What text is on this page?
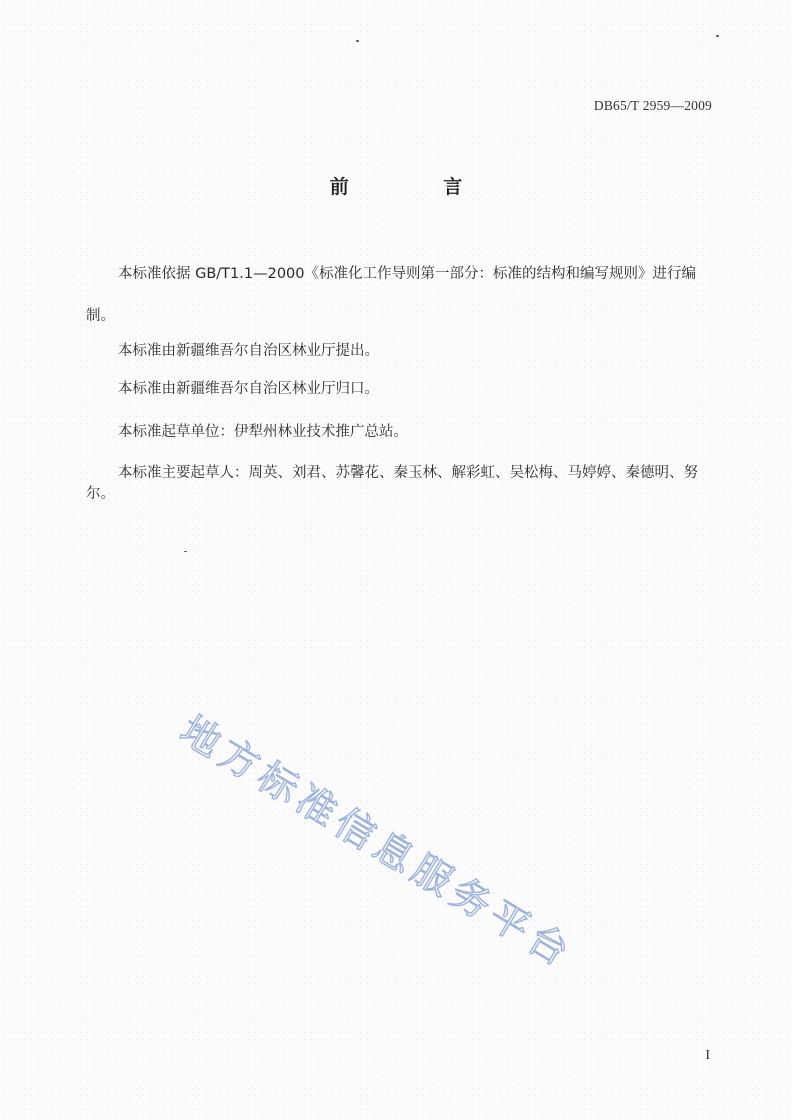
DB65/T 2959—2009
前 言

本标准依据 GB/T1.1—2000《标准化工作导则第一部分：标准的结构和编写规则》进行编制。

本标准由新疆维吾尔自治区林业厅提出。

本标准由新疆维吾尔自治区林业厅归口。

本标准起草单位：伊犁州林业技术推广总站。

本标准主要起草人：周英、刘君、苏馨花、秦玉林、解彩虹、吴松梅、马婷婷、秦德明、努尔。

地方标准信息服务平台
I
